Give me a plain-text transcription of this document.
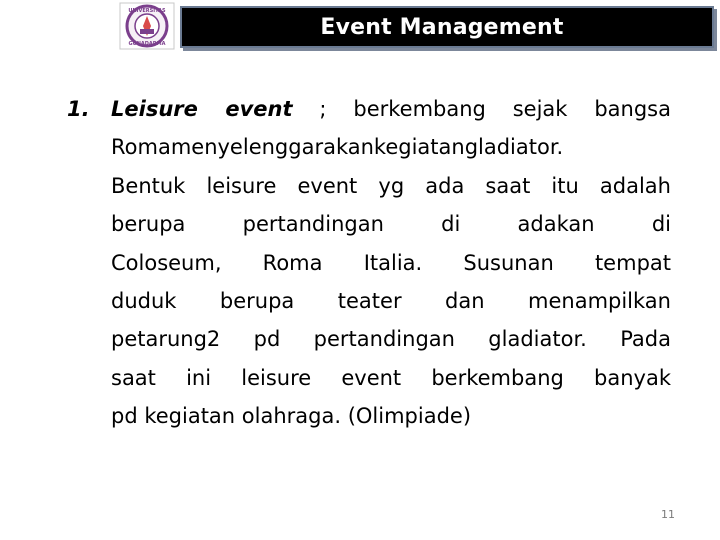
UNIVERSITAS
GUNADARMA
Event Management
1. Leisure event ; berkembang sejak bangsa
Romamenyelenggarakankegiatangladiator.
Bentuk leisure event yg ada saat itu adalah
berupa pertandingan di adakan di
Coloseum, Roma Italia. Susunan tempat
duduk berupa teater dan menampilkan
petarung2 pd pertandingan gladiator. Pada
saat ini leisure event berkembang banyak
pd kegiatan olahraga. (Olimpiade)
11
